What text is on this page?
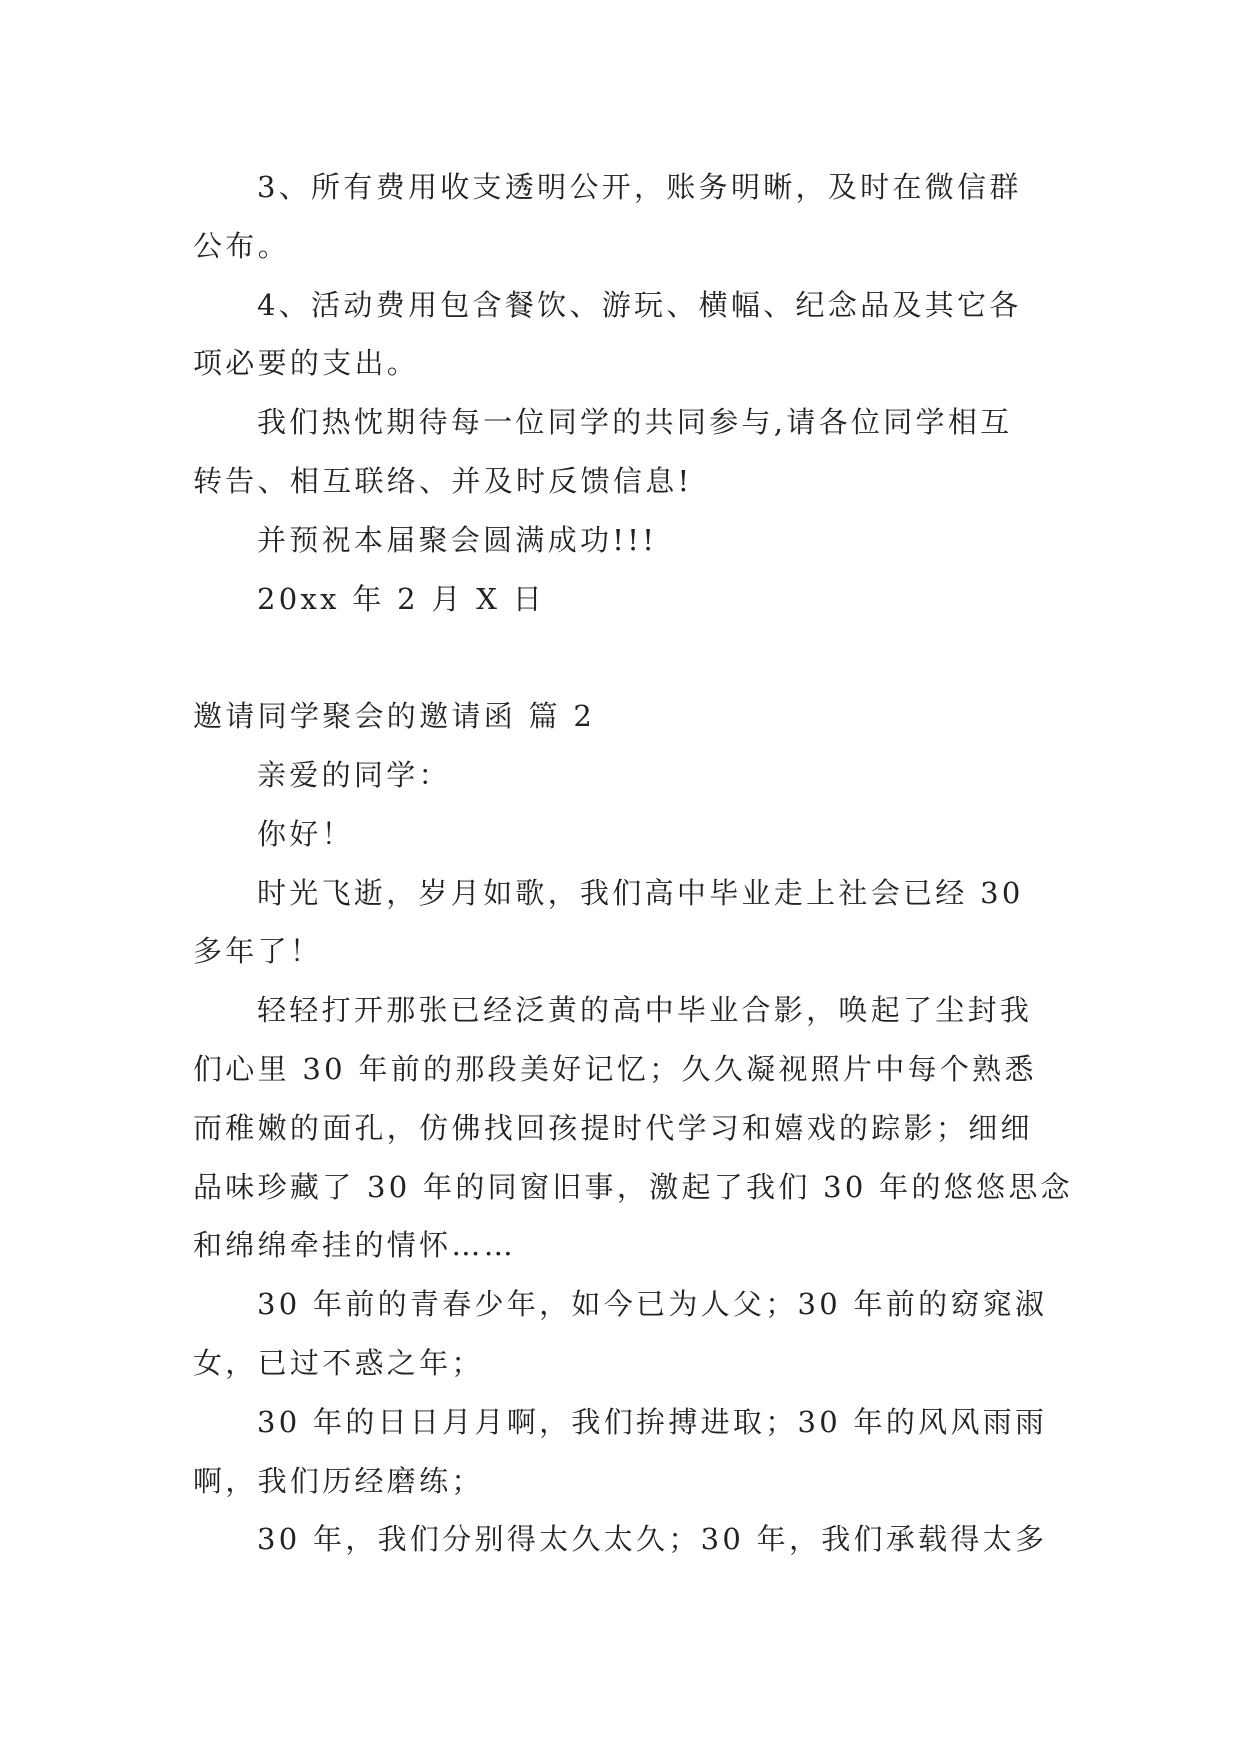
3、所有费用收支透明公开，账务明晰，及时在微信群
公布。
4、活动费用包含餐饮、游玩、横幅、纪念品及其它各
项必要的支出。
我们热忱期待每一位同学的共同参与,请各位同学相互
转告、相互联络、并及时反馈信息!
并预祝本届聚会圆满成功!!!
20xx 年 2 月 X 日
邀请同学聚会的邀请函 篇 2
亲爱的同学：
你好！
时光飞逝，岁月如歌，我们高中毕业走上社会已经 30
多年了！
轻轻打开那张已经泛黄的高中毕业合影，唤起了尘封我
们心里 30 年前的那段美好记忆；久久凝视照片中每个熟悉
而稚嫩的面孔，仿佛找回孩提时代学习和嬉戏的踪影；细细
品味珍藏了 30 年的同窗旧事，激起了我们 30 年的悠悠思念
和绵绵牵挂的情怀……
30 年前的青春少年，如今已为人父；30 年前的窈窕淑
女，已过不惑之年；
30 年的日日月月啊，我们拚搏进取；30 年的风风雨雨
啊，我们历经磨练；
30 年，我们分别得太久太久；30 年，我们承载得太多
